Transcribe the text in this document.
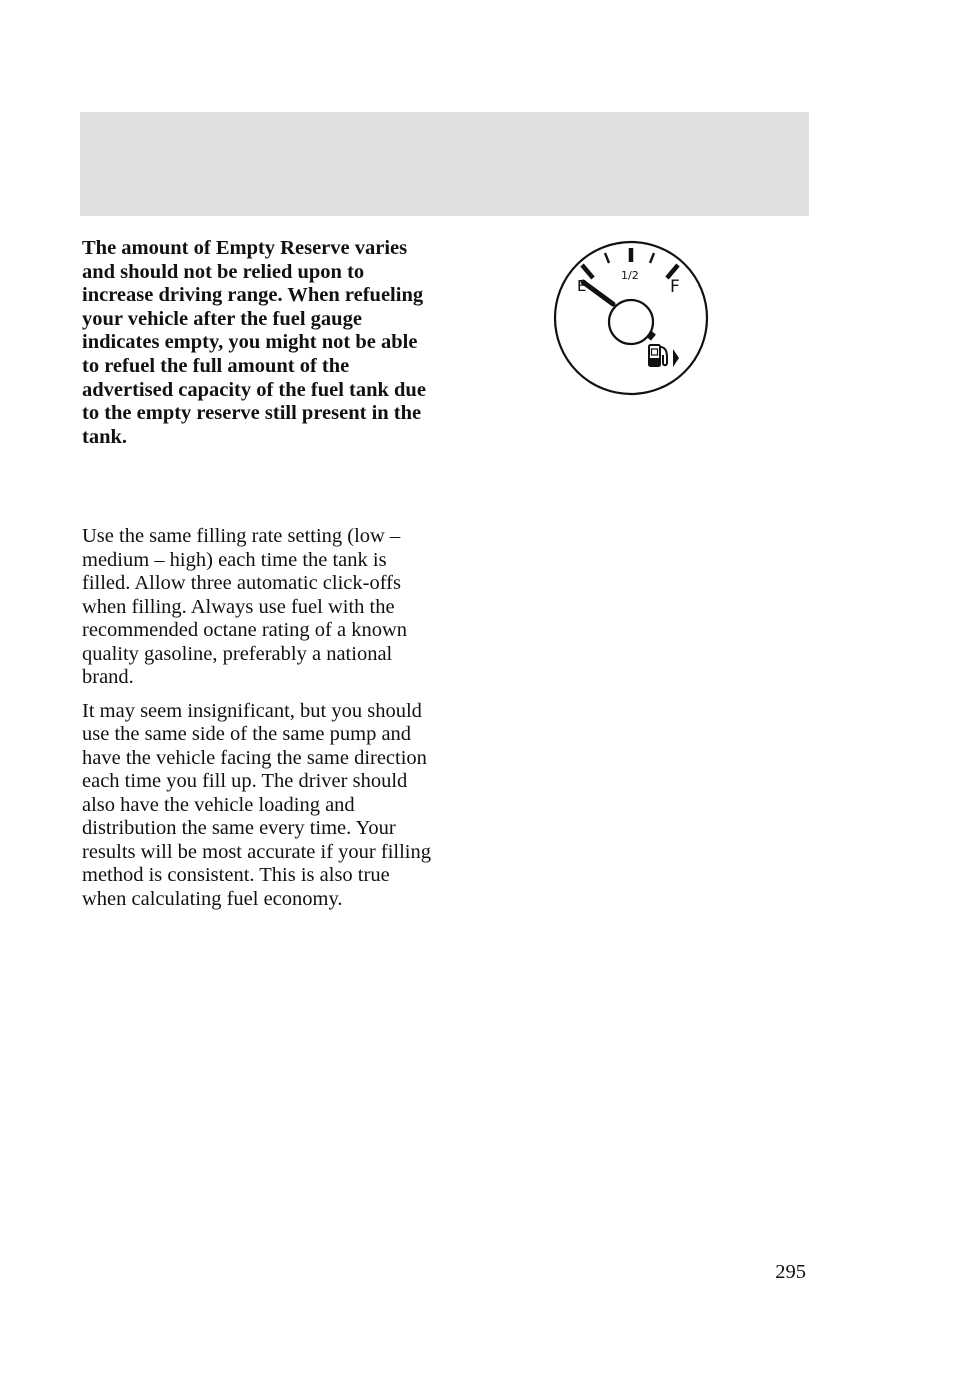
The amount of Empty Reserve varies and should not be relied upon to increase driving range. When refueling your vehicle after the fuel gauge indicates empty, you might not be able to refuel the full amount of the advertised capacity of the fuel tank due to the empty reserve still present in the tank.

Use the same filling rate setting (low – medium – high) each time the tank is filled. Allow three automatic click-offs when filling. Always use fuel with the recommended octane rating of a known quality gasoline, preferably a national brand.

It may seem insignificant, but you should use the same side of the same pump and have the vehicle facing the same direction each time you fill up. The driver should also have the vehicle loading and distribution the same every time. Your results will be most accurate if your filling method is consistent. This is also true when calculating fuel economy.

E
1/2
F
295
